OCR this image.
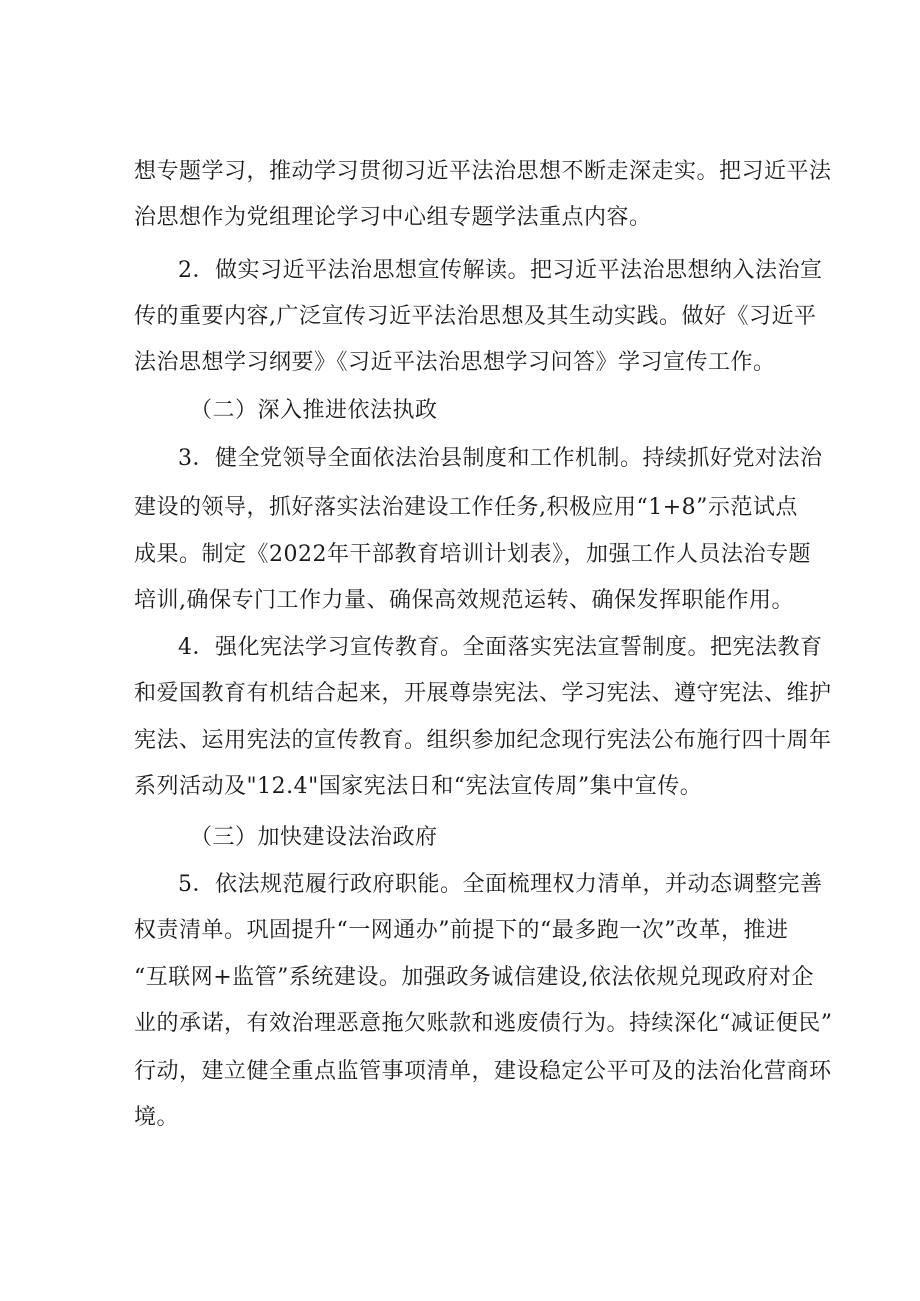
想专题学习，推动学习贯彻习近平法治思想不断走深走实。把习近平法
治思想作为党组理论学习中心组专题学法重点内容。
2．做实习近平法治思想宣传解读。把习近平法治思想纳入法治宣
传的重要内容,广泛宣传习近平法治思想及其生动实践。做好《习近平
法治思想学习纲要》《习近平法治思想学习问答》学习宣传工作。
（二）深入推进依法执政
3．健全党领导全面依法治县制度和工作机制。持续抓好党对法治
建设的领导，抓好落实法治建设工作任务,积极应用“1+8”示范试点
成果。制定《2022年干部教育培训计划表》，加强工作人员法治专题
培训,确保专门工作力量、确保高效规范运转、确保发挥职能作用。
4．强化宪法学习宣传教育。全面落实宪法宣誓制度。把宪法教育
和爱国教育有机结合起来，开展尊崇宪法、学习宪法、遵守宪法、维护
宪法、运用宪法的宣传教育。组织参加纪念现行宪法公布施行四十周年
系列活动及"12.4"国家宪法日和“宪法宣传周”集中宣传。
（三）加快建设法治政府
5．依法规范履行政府职能。全面梳理权力清单，并动态调整完善
权责清单。巩固提升“一网通办”前提下的“最多跑一次”改革，推进
“互联网+监管”系统建设。加强政务诚信建设,依法依规兑现政府对企
业的承诺，有效治理恶意拖欠账款和逃废债行为。持续深化“减证便民”
行动，建立健全重点监管事项清单，建设稳定公平可及的法治化营商环
境。
